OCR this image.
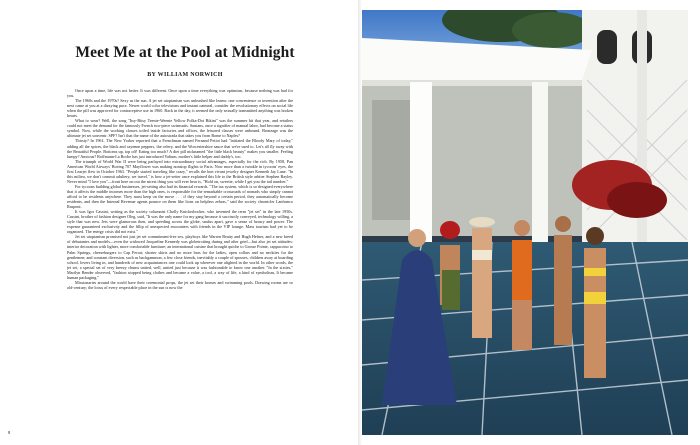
Meet Me at the Pool at Midnight
BY WILLIAM NORWICH

Once upon a time, life was not better. It was different. Once upon a time everything was optimism, because nothing was bad for you.

The 1960s and the 1970s? Sexy as the sun. A jet set utopianism was unleashed like learns: one convenience or invention after the next came at you at a dizzying pace. Newer world color televisions and instant oatmeal, consider the revolutionary effects on social life when the pill was approved for contraceptive use in 1960. Back in the day, it seemed the only sexually transmitted anything was broken hearts.

What to wear? Well, the song "Itsy-Bitsy Teenie-Weenie Yellow Polka-Dot Bikini" was the summer hit that year, and retailers could not meet the demand for the famously French two-piece swimsuits. Suntans, once a signifier of manual labor, had become a status symbol. Now, while the working classes toiled inside factories and offices, the leisured classes were unbound. Bronzage was the ultimate jet set souvenir. SPF? Isn't that the name of the autostrada that takes you from Rome to Naples?

Thirsty? In 1961, The New Yorker reported that a Frenchman named Fernand Petiot had "initiated the Bloody Mary of today," adding all the spices, the black and cayenne peppers, the celery, and the Worcestershire sauce that we're used to. Let's all fly away with the Beautiful People. Bottoms up, top off! Eating too much? A diet pill nicknamed "the little black beauty" makes you smaller. Feeling lumpy? Anxious? Roffmann-La Roche has just introduced Valium, mother's little helper and daddy's, too.

The triumph of World War II were being parlayed into extraordinary social advantages, especially for the rich. By 1958, Pan American World Airways' Boeing 707 Mayflower was making nonstop flights to Paris. Now more than a twinkle in tycoons' eyes, the first Learjet flew in October 1963. "People started traveling like crazy," recalls the bon vivant jewelry designer Kenneth Jay Lane. "In this milieu, we don't commit adultery, we travel," is how a jet-setter once explained this life to the British style arbiter Stephen Bayley. Never mind "I love you"—front here on out the nicest thing you will ever hear is, "Hold on, sweetie, while I get you the tail number."

For tycoons building global businesses, jet-setting also had its financial rewards. "The tax system, which is so designed everywhere that it affects the middle incomes more than the high ones, is responsible for the remarkable crossroads of nomads who simply cannot afford to be residents anywhere. They must keep on the move . . . if they stay beyond a certain period, they automatically become residents, and then the Internal Revenue agents pounce on them like lions on helpless zebras," said the society chronicler Lanfranco Rasponi.

It was Igor Cassini, writing as the society columnist Cholly Knickerbocker, who invented the term "jet set" in the late 1950s. Cassini, brother of fashion designer Oleg, said, "It was the only name for my gang because it succinctly conveyed, technology willing, a style that was new. Jets were glamorous then, and speeding across the globe, snafus apart, gave a sense of luxury and power. The expense guaranteed exclusivity and the fillip of unexpected encounters with friends in the VIP lounge. Mass tourism had yet to be organized. The energy crisis did not exist."

Jet set utopianism promised not just jet set commitment-free sex, playboys like Warren Beatty and Hugh Hefner, and a new breed of debutantes and models—even the widowed Jacqueline Kennedy was globetrotting during and after grief—but also jet set attitudes: interior decoration with lighter, more comfortable furniture; an international cuisine that brought quiche to Grosse Pointe, cappuccino to Palm Springs, cheeseburgers to Cap Ferrat; shorter skirts and no more bras for the ladies, open collars and no neckties for the gentlemen; and constant diversion, such as backgammon, a few close friends, inevitably a couple of spouses, children away at boarding school, lovers living in, and hundreds of new acquaintances one could look up wherever one alighted in the world. In other words, the jet set, a special set of very breezy chums united, well, united just because it was fashionable to know one another. "In the sixties," Marilyn Bender observed, "fashion stopped being clothes and became a value, a tool, a way of life, a kind of symbolism, It became human packaging."

Missionaries around the world have their ceremonial props, the jet set their houses and swimming pools. Drawing rooms are so old-century; the locus of every respectable place in the sun is now the

8
